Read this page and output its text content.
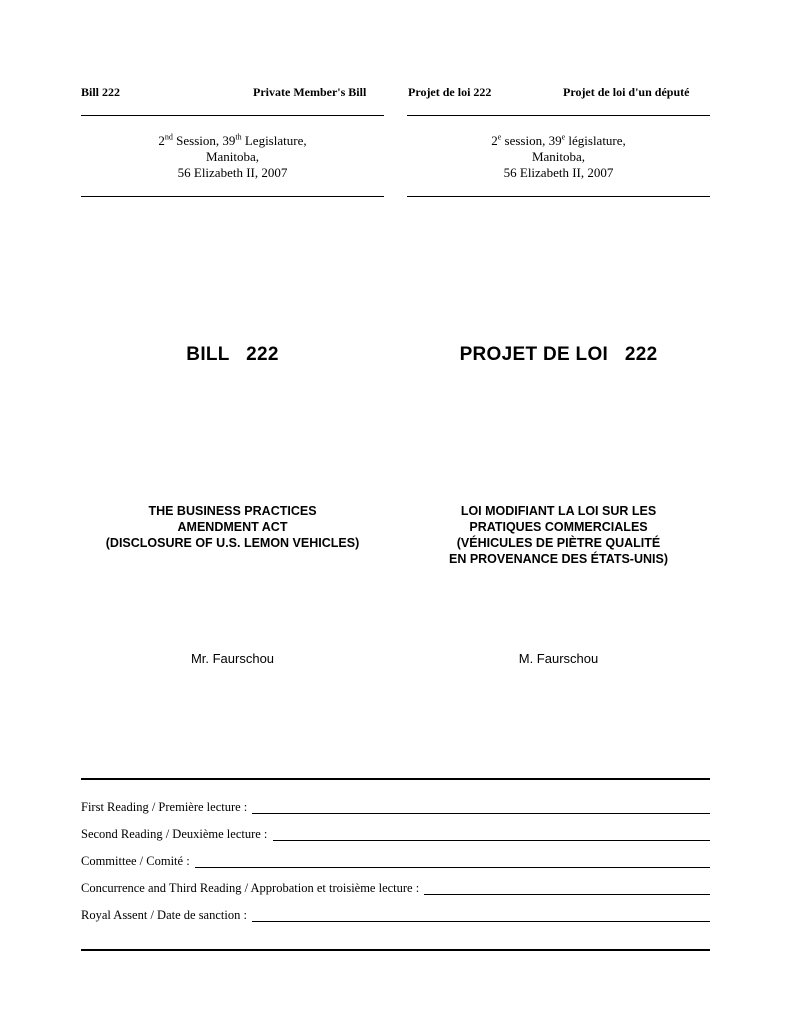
Bill 222	Private Member's Bill	Projet de loi 222	Projet de loi d'un député
2nd Session, 39th Legislature,
Manitoba,
56 Elizabeth II, 2007
2e session, 39e législature,
Manitoba,
56 Elizabeth II, 2007
BILL   222	PROJET DE LOI   222
THE BUSINESS PRACTICES
AMENDMENT ACT
(DISCLOSURE OF U.S. LEMON VEHICLES)
LOI MODIFIANT LA LOI SUR LES
PRATIQUES COMMERCIALES
(VÉHICULES DE PIÈTRE QUALITÉ
EN PROVENANCE DES ÉTATS-UNIS)
Mr. Faurschou	M. Faurschou
First Reading / Première lecture :
Second Reading / Deuxième lecture :
Committee / Comité :
Concurrence and Third Reading / Approbation et troisième lecture :
Royal Assent / Date de sanction :
